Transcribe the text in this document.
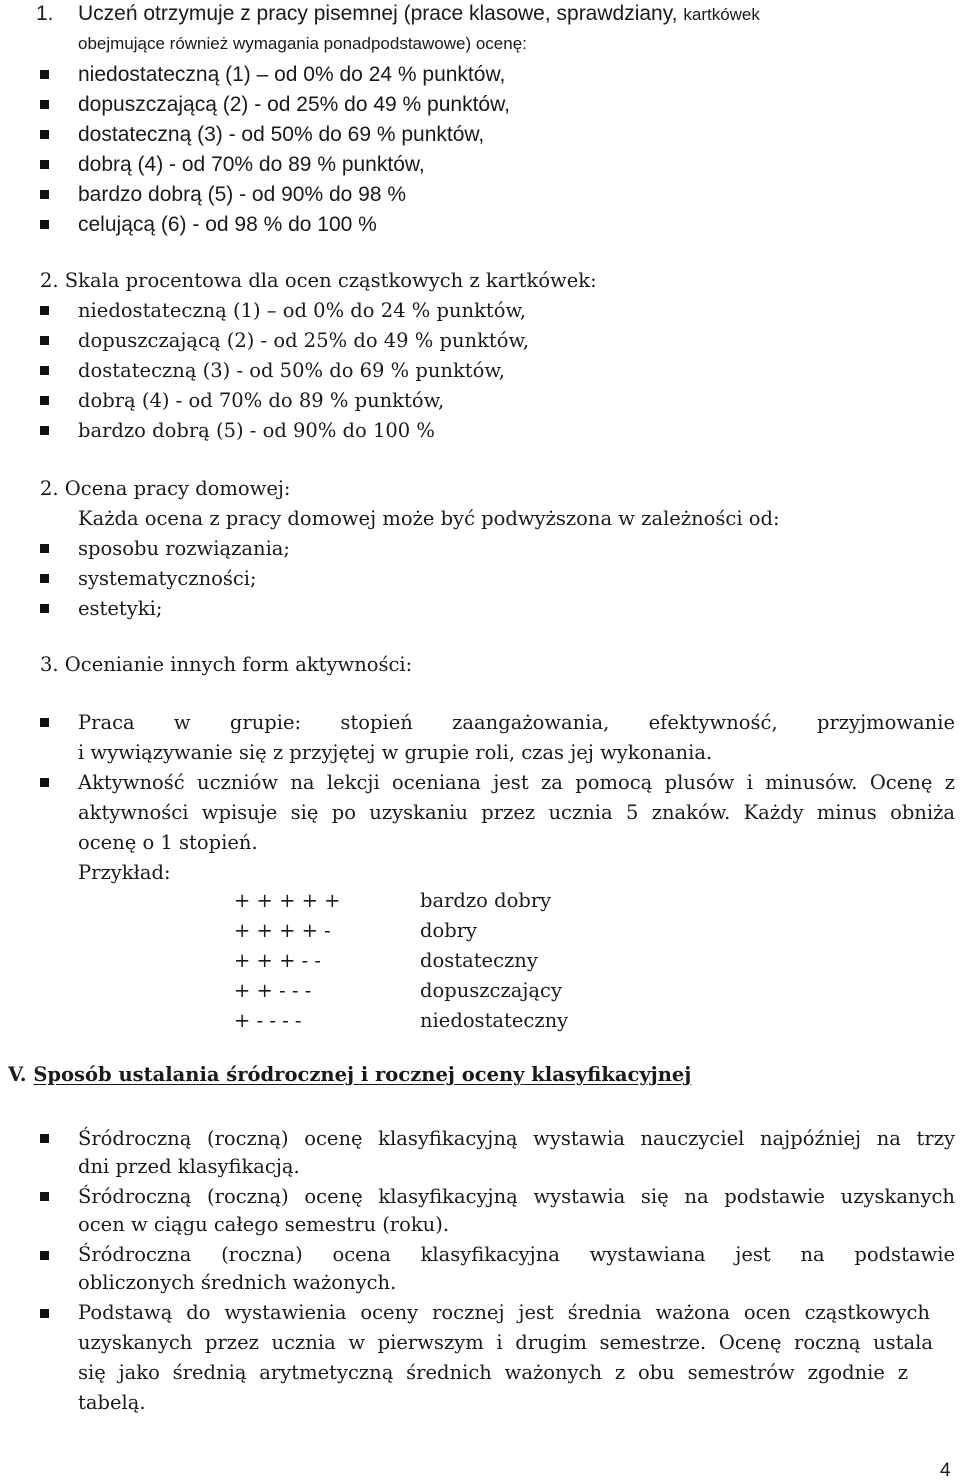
1. Uczeń otrzymuje z pracy pisemnej (prace klasowe, sprawdziany, kartkówek
obejmujące również wymagania ponadpodstawowe) ocenę:
niedostateczną (1) – od 0% do 24 % punktów,
dopuszczającą (2) - od 25% do 49 % punktów,
dostateczną (3) - od 50% do 69 % punktów,
dobrą (4) - od 70% do 89 % punktów,
bardzo dobrą (5) - od 90% do 98 %
celującą (6) - od 98 % do 100 %
2. Skala procentowa dla ocen cząstkowych z kartkówek:
niedostateczną (1) – od 0% do 24 % punktów,
dopuszczającą (2) - od 25% do 49 % punktów,
dostateczną (3) - od 50% do 69 % punktów,
dobrą (4) - od 70% do 89 % punktów,
bardzo dobrą (5) - od 90% do 100 %
2. Ocena pracy domowej:
Każda ocena z pracy domowej może być podwyższona w zależności od:
sposobu rozwiązania;
systematyczności;
estetyki;
3. Ocenianie innych form aktywności:
Praca w grupie: stopień zaangażowania, efektywność, przyjmowanie
i wywiązywanie się z przyjętej w grupie roli, czas jej wykonania.
Aktywność uczniów na lekcji oceniana jest za pomocą plusów i minusów. Ocenę z
aktywności wpisuje się po uzyskaniu przez ucznia 5 znaków. Każdy minus obniża
ocenę o 1 stopień.
Przykład:
+ + + + +	bardzo dobry
+ + + + -	dobry
+ + + - -	dostateczny
+ + - - -	dopuszczający
+ - - - -	niedostateczny
V. Sposób ustalania śródrocznej i rocznej oceny klasyfikacyjnej
Śródroczną (roczną) ocenę klasyfikacyjną wystawia nauczyciel najpóźniej na trzy
dni przed klasyfikacją.
Śródroczną (roczną) ocenę klasyfikacyjną wystawia się na podstawie uzyskanych
ocen w ciągu całego semestru (roku).
Śródroczna (roczna) ocena klasyfikacyjna wystawiana jest na podstawie
obliczonych średnich ważonych.
Podstawą do wystawienia oceny rocznej jest średnia ważona ocen cząstkowych
uzyskanych przez ucznia w pierwszym i drugim semestrze. Ocenę roczną ustala
się jako średnią arytmetyczną średnich ważonych z obu semestrów zgodnie z
tabelą.
4
